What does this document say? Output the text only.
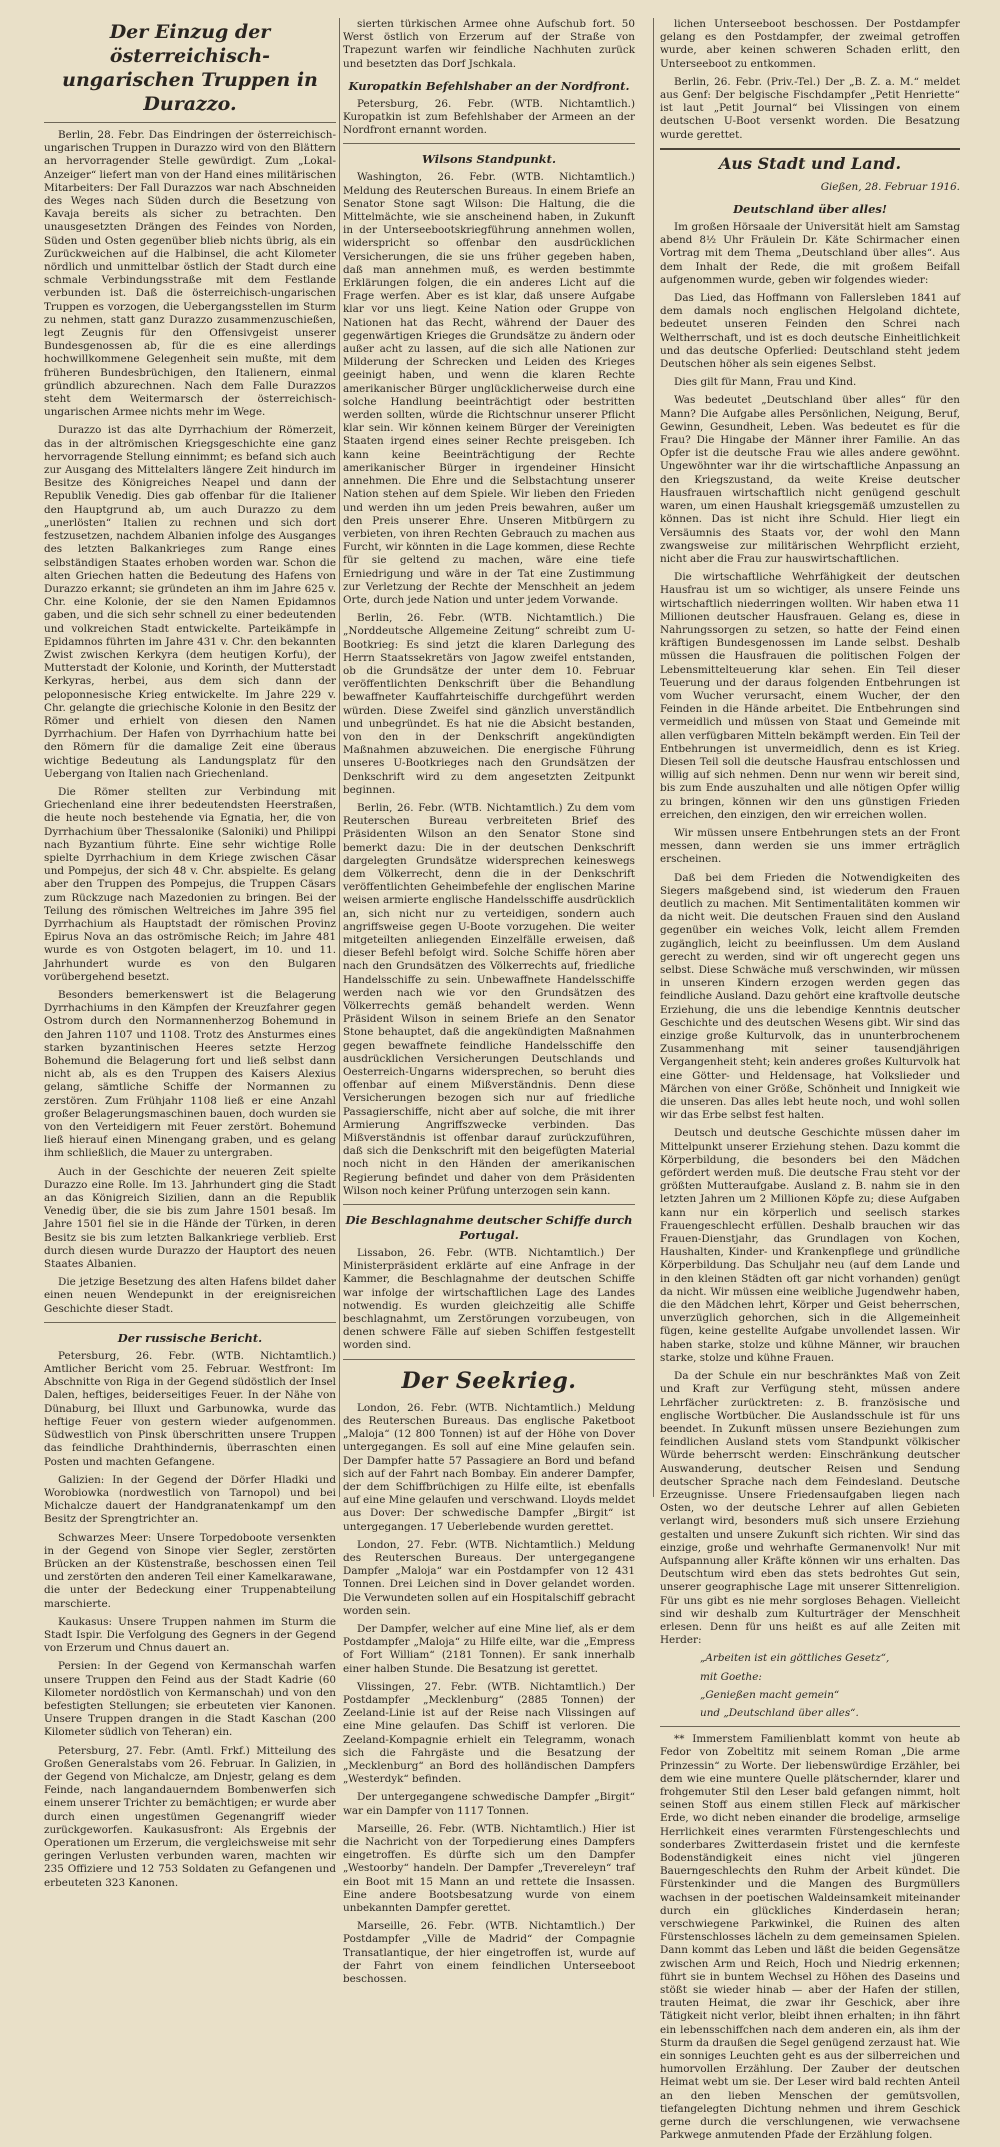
Der Einzug der österreichisch-ungarischen Truppen in Durazzo.

Berlin, 28. Febr. Das Eindringen der österreichisch-ungarischen Truppen in Durazzo wird von den Blättern an hervorragender Stelle gewürdigt. Zum „Lokal-Anzeiger“ liefert man von der Hand eines militärischen Mitarbeiters: Der Fall Durazzos war nach Abschneiden des Weges nach Süden durch die Besetzung von Kavaja bereits als sicher zu betrachten. Den unausgesetzten Drängen des Feindes von Norden, Süden und Osten gegenüber blieb nichts übrig, als ein Zurückweichen auf die Halbinsel, die acht Kilometer nördlich und unmittelbar östlich der Stadt durch eine schmale Verbindungsstraße mit dem Festlande verbunden ist. Daß die österreichisch-ungarischen Truppen es vorzogen, die Uebergangsstellen im Sturm zu nehmen, statt ganz Durazzo zusammenzuschießen, legt Zeugnis für den Offensivgeist unserer Bundesgenossen ab, für die es eine allerdings hochwillkommene Gelegenheit sein mußte, mit dem früheren Bundesbrüchigen, den Italienern, einmal gründlich abzurechnen. Nach dem Falle Durazzos steht dem Weitermarsch der österreichisch-ungarischen Armee nichts mehr im Wege.

Durazzo ist das alte Dyrrhachium der Römerzeit, das in der altrömischen Kriegsgeschichte eine ganz hervorragende Stellung einnimmt; es befand sich auch zur Ausgang des Mittelalters längere Zeit hindurch im Besitze des Königreiches Neapel und dann der Republik Venedig. Dies gab offenbar für die Italiener den Hauptgrund ab, um auch Durazzo zu dem „unerlösten“ Italien zu rechnen und sich dort festzusetzen, nachdem Albanien infolge des Ausganges des letzten Balkankrieges zum Range eines selbständigen Staates erhoben worden war. Schon die alten Griechen hatten die Bedeutung des Hafens von Durazzo erkannt; sie gründeten an ihm im Jahre 625 v. Chr. eine Kolonie, der sie den Namen Epidamnos gaben, und die sich sehr schnell zu einer bedeutenden und volkreichen Stadt entwickelte. Parteikämpfe in Epidamnos führten im Jahre 431 v. Chr. den bekannten Zwist zwischen Kerkyra (dem heutigen Korfu), der Mutterstadt der Kolonie, und Korinth, der Mutterstadt Kerkyras, herbei, aus dem sich dann der peloponnesische Krieg entwickelte. Im Jahre 229 v. Chr. gelangte die griechische Kolonie in den Besitz der Römer und erhielt von diesen den Namen Dyrrhachium. Der Hafen von Dyrrhachium hatte bei den Römern für die damalige Zeit eine überaus wichtige Bedeutung als Landungsplatz für den Uebergang von Italien nach Griechenland.

Die Römer stellten zur Verbindung mit Griechenland eine ihrer bedeutendsten Heerstraßen, die heute noch bestehende via Egnatia, her, die von Dyrrhachium über Thessalonike (Saloniki) und Philippi nach Byzantium führte. Eine sehr wichtige Rolle spielte Dyrrhachium in dem Kriege zwischen Cäsar und Pompejus, der sich 48 v. Chr. abspielte. Es gelang aber den Truppen des Pompejus, die Truppen Cäsars zum Rückzuge nach Mazedonien zu bringen. Bei der Teilung des römischen Weltreiches im Jahre 395 fiel Dyrrhachium als Hauptstadt der römischen Provinz Epirus Nova an das oströmische Reich; im Jahre 481 wurde es von Ostgoten belagert, im 10. und 11. Jahrhundert wurde es von den Bulgaren vorübergehend besetzt.

Besonders bemerkenswert ist die Belagerung Dyrrhachiums in den Kämpfen der Kreuzfahrer gegen Ostrom durch den Normannenherzog Bohemund in den Jahren 1107 und 1108. Trotz des Ansturmes eines starken byzantinischen Heeres setzte Herzog Bohemund die Belagerung fort und ließ selbst dann nicht ab, als es den Truppen des Kaisers Alexius gelang, sämtliche Schiffe der Normannen zu zerstören. Zum Frühjahr 1108 ließ er eine Anzahl großer Belagerungsmaschinen bauen, doch wurden sie von den Verteidigern mit Feuer zerstört. Bohemund ließ hierauf einen Minengang graben, und es gelang ihm schließlich, die Mauer zu untergraben.

Auch in der Geschichte der neueren Zeit spielte Durazzo eine Rolle. Im 13. Jahrhundert ging die Stadt an das Königreich Sizilien, dann an die Republik Venedig über, die sie bis zum Jahre 1501 besaß. Im Jahre 1501 fiel sie in die Hände der Türken, in deren Besitz sie bis zum letzten Balkankriege verblieb. Erst durch diesen wurde Durazzo der Hauptort des neuen Staates Albanien.

Die jetzige Besetzung des alten Hafens bildet daher einen neuen Wendepunkt in der ereignisreichen Geschichte dieser Stadt.

Der russische Bericht.

Petersburg, 26. Febr. (WTB. Nichtamtlich.) Amtlicher Bericht vom 25. Februar. Westfront: Im Abschnitte von Riga in der Gegend südöstlich der Insel Dalen, heftiges, beiderseitiges Feuer. In der Nähe von Dünaburg, bei Illuxt und Garbunowka, wurde das heftige Feuer von gestern wieder aufgenommen. Südwestlich von Pinsk überschritten unsere Truppen das feindliche Drahthindernis, überraschten einen Posten und machten Gefangene.

Galizien: In der Gegend der Dörfer Hladki und Worobiowka (nordwestlich von Tarnopol) und bei Michalcze dauert der Handgranatenkampf um den Besitz der Sprengtrichter an.

Schwarzes Meer: Unsere Torpedoboote versenkten in der Gegend von Sinope vier Segler, zerstörten Brücken an der Küstenstraße, beschossen einen Teil und zerstörten den anderen Teil einer Kamelkarawane, die unter der Bedeckung einer Truppenabteilung marschierte.

Kaukasus: Unsere Truppen nahmen im Sturm die Stadt Ispir. Die Verfolgung des Gegners in der Gegend von Erzerum und Chnus dauert an.

Persien: In der Gegend von Kermanschah warfen unsere Truppen den Feind aus der Stadt Kadrie (60 Kilometer nordöstlich von Kermanschah) und von den befestigten Stellungen; sie erbeuteten vier Kanonen. Unsere Truppen drangen in die Stadt Kaschan (200 Kilometer südlich von Teheran) ein.

Petersburg, 27. Febr. (Amtl. Frkf.) Mitteilung des Großen Generalstabs vom 26. Februar. In Galizien, in der Gegend von Michalcze, am Dnjestr, gelang es dem Feinde, nach langandauerndem Bombenwerfen sich einem unserer Trichter zu bemächtigen; er wurde aber durch einen ungestümen Gegenangriff wieder zurückgeworfen. Kaukasusfront: Als Ergebnis der Operationen um Erzerum, die vergleichsweise mit sehr geringen Verlusten verbunden waren, machten wir 235 Offiziere und 12 753 Soldaten zu Gefangenen und erbeuteten 323 Kanonen.

sierten türkischen Armee ohne Aufschub fort. 50 Werst östlich von Erzerum auf der Straße von Trapezunt warfen wir feindliche Nachhuten zurück und besetzten das Dorf Jschkala.

Kuropatkin Befehlshaber an der Nordfront.

Petersburg, 26. Febr. (WTB. Nichtamtlich.) Kuropatkin ist zum Befehlshaber der Armeen an der Nordfront ernannt worden.

Wilsons Standpunkt.

Washington, 26. Febr. (WTB. Nichtamtlich.) Meldung des Reuterschen Bureaus. In einem Briefe an Senator Stone sagt Wilson: Die Haltung, die die Mittelmächte, wie sie anscheinend haben, in Zukunft in der Unterseebootskriegführung annehmen wollen, widerspricht so offenbar den ausdrücklichen Versicherungen, die sie uns früher gegeben haben, daß man annehmen muß, es werden bestimmte Erklärungen folgen, die ein anderes Licht auf die Frage werfen. Aber es ist klar, daß unsere Aufgabe klar vor uns liegt. Keine Nation oder Gruppe von Nationen hat das Recht, während der Dauer des gegenwärtigen Krieges die Grundsätze zu ändern oder außer acht zu lassen, auf die sich alle Nationen zur Milderung der Schrecken und Leiden des Krieges geeinigt haben, und wenn die klaren Rechte amerikanischer Bürger unglücklicherweise durch eine solche Handlung beeinträchtigt oder bestritten werden sollten, würde die Richtschnur unserer Pflicht klar sein. Wir können keinem Bürger der Vereinigten Staaten irgend eines seiner Rechte preisgeben. Ich kann keine Beeinträchtigung der Rechte amerikanischer Bürger in irgendeiner Hinsicht annehmen. Die Ehre und die Selbstachtung unserer Nation stehen auf dem Spiele. Wir lieben den Frieden und werden ihn um jeden Preis bewahren, außer um den Preis unserer Ehre. Unseren Mitbürgern zu verbieten, von ihren Rechten Gebrauch zu machen aus Furcht, wir könnten in die Lage kommen, diese Rechte für sie geltend zu machen, wäre eine tiefe Erniedrigung und wäre in der Tat eine Zustimmung zur Verletzung der Rechte der Menschheit an jedem Orte, durch jede Nation und unter jedem Vorwande.

Berlin, 26. Febr. (WTB. Nichtamtlich.) Die „Norddeutsche Allgemeine Zeitung“ schreibt zum U-Bootkrieg: Es sind jetzt die klaren Darlegung des Herrn Staatssekretärs von Jagow zweifel entstanden, ob die Grundsätze der unter dem 10. Februar veröffentlichten Denkschrift über die Behandlung bewaffneter Kauffahrteischiffe durchgeführt werden würden. Diese Zweifel sind gänzlich unverständlich und unbegründet. Es hat nie die Absicht bestanden, von den in der Denkschrift angekündigten Maßnahmen abzuweichen. Die energische Führung unseres U-Bootkrieges nach den Grundsätzen der Denkschrift wird zu dem angesetzten Zeitpunkt beginnen.

Berlin, 26. Febr. (WTB. Nichtamtlich.) Zu dem vom Reuterschen Bureau verbreiteten Brief des Präsidenten Wilson an den Senator Stone sind bemerkt dazu: Die in der deutschen Denkschrift dargelegten Grundsätze widersprechen keineswegs dem Völkerrecht, denn die in der Denkschrift veröffentlichten Geheimbefehle der englischen Marine weisen armierte englische Handelsschiffe ausdrücklich an, sich nicht nur zu verteidigen, sondern auch angriffsweise gegen U-Boote vorzugehen. Die weiter mitgeteilten anliegenden Einzelfälle erweisen, daß dieser Befehl befolgt wird. Solche Schiffe hören aber nach den Grundsätzen des Völkerrechts auf, friedliche Handelsschiffe zu sein. Unbewaffnete Handelsschiffe werden nach wie vor den Grundsätzen des Völkerrechts gemäß behandelt werden. Wenn Präsident Wilson in seinem Briefe an den Senator Stone behauptet, daß die angekündigten Maßnahmen gegen bewaffnete feindliche Handelsschiffe den ausdrücklichen Versicherungen Deutschlands und Oesterreich-Ungarns widersprechen, so beruht dies offenbar auf einem Mißverständnis. Denn diese Versicherungen bezogen sich nur auf friedliche Passagierschiffe, nicht aber auf solche, die mit ihrer Armierung Angriffszwecke verbinden. Das Mißverständnis ist offenbar darauf zurückzuführen, daß sich die Denkschrift mit den beigefügten Material noch nicht in den Händen der amerikanischen Regierung befindet und daher von dem Präsidenten Wilson noch keiner Prüfung unterzogen sein kann.

Die Beschlagnahme deutscher Schiffe durch Portugal.

Lissabon, 26. Febr. (WTB. Nichtamtlich.) Der Ministerpräsident erklärte auf eine Anfrage in der Kammer, die Beschlagnahme der deutschen Schiffe war infolge der wirtschaftlichen Lage des Landes notwendig. Es wurden gleichzeitig alle Schiffe beschlagnahmt, um Zerstörungen vorzubeugen, von denen schwere Fälle auf sieben Schiffen festgestellt worden sind.

Der Seekrieg.

London, 26. Febr. (WTB. Nichtamtlich.) Meldung des Reuterschen Bureaus. Das englische Paketboot „Maloja“ (12 800 Tonnen) ist auf der Höhe von Dover untergegangen. Es soll auf eine Mine gelaufen sein. Der Dampfer hatte 57 Passagiere an Bord und befand sich auf der Fahrt nach Bombay. Ein anderer Dampfer, der dem Schiffbrüchigen zu Hilfe eilte, ist ebenfalls auf eine Mine gelaufen und verschwand. Lloyds meldet aus Dover: Der schwedische Dampfer „Birgit“ ist untergegangen. 17 Ueberlebende wurden gerettet.

London, 27. Febr. (WTB. Nichtamtlich.) Meldung des Reuterschen Bureaus. Der untergegangene Dampfer „Maloja“ war ein Postdampfer von 12 431 Tonnen. Drei Leichen sind in Dover gelandet worden. Die Verwundeten sollen auf ein Hospitalschiff gebracht worden sein.

Der Dampfer, welcher auf eine Mine lief, als er dem Postdampfer „Maloja“ zu Hilfe eilte, war die „Empress of Fort William“ (2181 Tonnen). Er sank innerhalb einer halben Stunde. Die Besatzung ist gerettet.

Vlissingen, 27. Febr. (WTB. Nichtamtlich.) Der Postdampfer „Mecklenburg“ (2885 Tonnen) der Zeeland-Linie ist auf der Reise nach Vlissingen auf eine Mine gelaufen. Das Schiff ist verloren. Die Zeeland-Kompagnie erhielt ein Telegramm, wonach sich die Fahrgäste und die Besatzung der „Mecklenburg“ an Bord des holländischen Dampfers „Westerdyk“ befinden.

Der untergegangene schwedische Dampfer „Birgit“ war ein Dampfer von 1117 Tonnen.

Marseille, 26. Febr. (WTB. Nichtamtlich.) Hier ist die Nachricht von der Torpedierung eines Dampfers eingetroffen. Es dürfte sich um den Dampfer „Westoorby“ handeln. Der Dampfer „Trevereleyn“ traf ein Boot mit 15 Mann an und rettete die Insassen. Eine andere Bootsbesatzung wurde von einem unbekannten Dampfer gerettet.

Marseille, 26. Febr. (WTB. Nichtamtlich.) Der Postdampfer „Ville de Madrid“ der Compagnie Transatlantique, der hier eingetroffen ist, wurde auf der Fahrt von einem feindlichen Unterseeboot beschossen.

lichen Unterseeboot beschossen. Der Postdampfer gelang es den Postdampfer, der zweimal getroffen wurde, aber keinen schweren Schaden erlitt, den Unterseeboot zu entkommen.

Berlin, 26. Febr. (Priv.-Tel.) Der „B. Z. a. M.“ meldet aus Genf: Der belgische Fischdampfer „Petit Henriette“ ist laut „Petit Journal“ bei Vlissingen von einem deutschen U-Boot versenkt worden. Die Besatzung wurde gerettet.

Aus Stadt und Land.
Gießen, 28. Februar 1916.
Deutschland über alles!

Im großen Hörsaale der Universität hielt am Samstag abend 8½ Uhr Fräulein Dr. Käte Schirmacher einen Vortrag mit dem Thema „Deutschland über alles“. Aus dem Inhalt der Rede, die mit großem Beifall aufgenommen wurde, geben wir folgendes wieder:

Das Lied, das Hoffmann von Fallersleben 1841 auf dem damals noch englischen Helgoland dichtete, bedeutet unseren Feinden den Schrei nach Weltherrschaft, und ist es doch deutsche Einheitlichkeit und das deutsche Opferlied: Deutschland steht jedem Deutschen höher als sein eigenes Selbst.

Dies gilt für Mann, Frau und Kind.

Was bedeutet „Deutschland über alles“ für den Mann? Die Aufgabe alles Persönlichen, Neigung, Beruf, Gewinn, Gesundheit, Leben. Was bedeutet es für die Frau? Die Hingabe der Männer ihrer Familie. An das Opfer ist die deutsche Frau wie alles andere gewöhnt. Ungewöhnter war ihr die wirtschaftliche Anpassung an den Kriegszustand, da weite Kreise deutscher Hausfrauen wirtschaftlich nicht genügend geschult waren, um einen Haushalt kriegsgemäß umzustellen zu können. Das ist nicht ihre Schuld. Hier liegt ein Versäumnis des Staats vor, der wohl den Mann zwangsweise zur militärischen Wehrpflicht erzieht, nicht aber die Frau zur hauswirtschaftlichen.

Die wirtschaftliche Wehrfähigkeit der deutschen Hausfrau ist um so wichtiger, als unsere Feinde uns wirtschaftlich niederringen wollten. Wir haben etwa 11 Millionen deutscher Hausfrauen. Gelang es, diese in Nahrungssorgen zu setzen, so hatte der Feind einen kräftigen Bundesgenossen im Lande selbst. Deshalb müssen die Hausfrauen die politischen Folgen der Lebensmittelteuerung klar sehen. Ein Teil dieser Teuerung und der daraus folgenden Entbehrungen ist vom Wucher verursacht, einem Wucher, der den Feinden in die Hände arbeitet. Die Entbehrungen sind vermeidlich und müssen von Staat und Gemeinde mit allen verfügbaren Mitteln bekämpft werden. Ein Teil der Entbehrungen ist unvermeidlich, denn es ist Krieg. Diesen Teil soll die deutsche Hausfrau entschlossen und willig auf sich nehmen. Denn nur wenn wir bereit sind, bis zum Ende auszuhalten und alle nötigen Opfer willig zu bringen, können wir den uns günstigen Frieden erreichen, den einzigen, den wir erreichen wollen.

Wir müssen unsere Entbehrungen stets an der Front messen, dann werden sie uns immer erträglich erscheinen.

Daß bei dem Frieden die Notwendigkeiten des Siegers maßgebend sind, ist wiederum den Frauen deutlich zu machen. Mit Sentimentalitäten kommen wir da nicht weit. Die deutschen Frauen sind den Ausland gegenüber ein weiches Volk, leicht allem Fremden zugänglich, leicht zu beeinflussen. Um dem Ausland gerecht zu werden, sind wir oft ungerecht gegen uns selbst. Diese Schwäche muß verschwinden, wir müssen in unseren Kindern erzogen werden gegen das feindliche Ausland. Dazu gehört eine kraftvolle deutsche Erziehung, die uns die lebendige Kenntnis deutscher Geschichte und des deutschen Wesens gibt. Wir sind das einzige große Kulturvolk, das in ununterbrochenem Zusammenhang mit seiner tausendjährigen Vergangenheit steht; kein anderes großes Kulturvolk hat eine Götter- und Heldensage, hat Volkslieder und Märchen von einer Größe, Schönheit und Innigkeit wie die unseren. Das alles lebt heute noch, und wohl sollen wir das Erbe selbst fest halten.

Deutsch und deutsche Geschichte müssen daher im Mittelpunkt unserer Erziehung stehen. Dazu kommt die Körperbildung, die besonders bei den Mädchen gefördert werden muß. Die deutsche Frau steht vor der größten Mutteraufgabe. Ausland z. B. nahm sie in den letzten Jahren um 2 Millionen Köpfe zu; diese Aufgaben kann nur ein körperlich und seelisch starkes Frauengeschlecht erfüllen. Deshalb brauchen wir das Frauen-Dienstjahr, das Grundlagen von Kochen, Haushalten, Kinder- und Krankenpflege und gründliche Körperbildung. Das Schuljahr neu (auf dem Lande und in den kleinen Städten oft gar nicht vorhanden) genügt da nicht. Wir müssen eine weibliche Jugendwehr haben, die den Mädchen lehrt, Körper und Geist beherrschen, unverzüglich gehorchen, sich in die Allgemeinheit fügen, keine gestellte Aufgabe unvollendet lassen. Wir haben starke, stolze und kühne Männer, wir brauchen starke, stolze und kühne Frauen.

Da der Schule ein nur beschränktes Maß von Zeit und Kraft zur Verfügung steht, müssen andere Lehrfächer zurücktreten: z. B. französische und englische Wortbücher. Die Auslandsschule ist für uns beendet. In Zukunft müssen unsere Beziehungen zum feindlichen Ausland stets vom Standpunkt völkischer Würde beherrscht werden: Einschränkung deutscher Auswanderung, deutscher Reisen und Sendung deutscher Sprache nach dem Feindesland. Deutsche Erzeugnisse. Unsere Friedensaufgaben liegen nach Osten, wo der deutsche Lehrer auf allen Gebieten verlangt wird, besonders muß sich unsere Erziehung gestalten und unsere Zukunft sich richten. Wir sind das einzige, große und wehrhafte Germanenvolk! Nur mit Aufspannung aller Kräfte können wir uns erhalten. Das Deutschtum wird eben das stets bedrohtes Gut sein, unserer geographische Lage mit unserer Sittenreligion. Für uns gibt es nie mehr sorgloses Behagen. Vielleicht sind wir deshalb zum Kulturträger der Menschheit erlesen. Denn für uns heißt es auf alle Zeiten mit Herder:

„Arbeiten ist ein göttliches Gesetz“,

mit Goethe:

„Genießen macht gemein“

und „Deutschland über alles“.

** Immerstem Familienblatt kommt von heute ab Fedor von Zobeltitz mit seinem Roman „Die arme Prinzessin“ zu Worte. Der liebenswürdige Erzähler, bei dem wie eine muntere Quelle plätschernder, klarer und frohgemuter Stil den Leser bald gefangen nimmt, holt seinen Stoff aus einem stillen Fleck auf märkischer Erde, wo dicht neben einander die brodelige, armselige Herrlichkeit eines verarmten Fürstengeschlechts und sonderbares Zwitterdasein fristet und die kernfeste Bodenständigkeit eines nicht viel jüngeren Bauerngeschlechts den Ruhm der Arbeit kündet. Die Fürstenkinder und die Mangen des Burgmüllers wachsen in der poetischen Waldeinsamkeit miteinander durch ein glückliches Kinderdasein heran; verschwiegene Parkwinkel, die Ruinen des alten Fürstenschlosses lächeln zu dem gemeinsamen Spielen. Dann kommt das Leben und läßt die beiden Gegensätze zwischen Arm und Reich, Hoch und Niedrig erkennen; führt sie in buntem Wechsel zu Höhen des Daseins und stößt sie wieder hinab — aber der Hafen der stillen, trauten Heimat, die zwar ihr Geschick, aber ihre Tätigkeit nicht verlor, bleibt ihnen erhalten; in ihn fährt ein lebensschiffchen nach dem anderen ein, als ihm der Sturm da draußen die Segel genügend zerzaust hat. Wie ein sonniges Leuchten geht es aus der silberreichen und humorvollen Erzählung. Der Zauber der deutschen Heimat webt um sie. Der Leser wird bald rechten Anteil an den lieben Menschen der gemütsvollen, tiefangelegten Dichtung nehmen und ihrem Geschick gerne durch die verschlungenen, wie verwachsene Parkwege anmutenden Pfade der Erzählung folgen.
